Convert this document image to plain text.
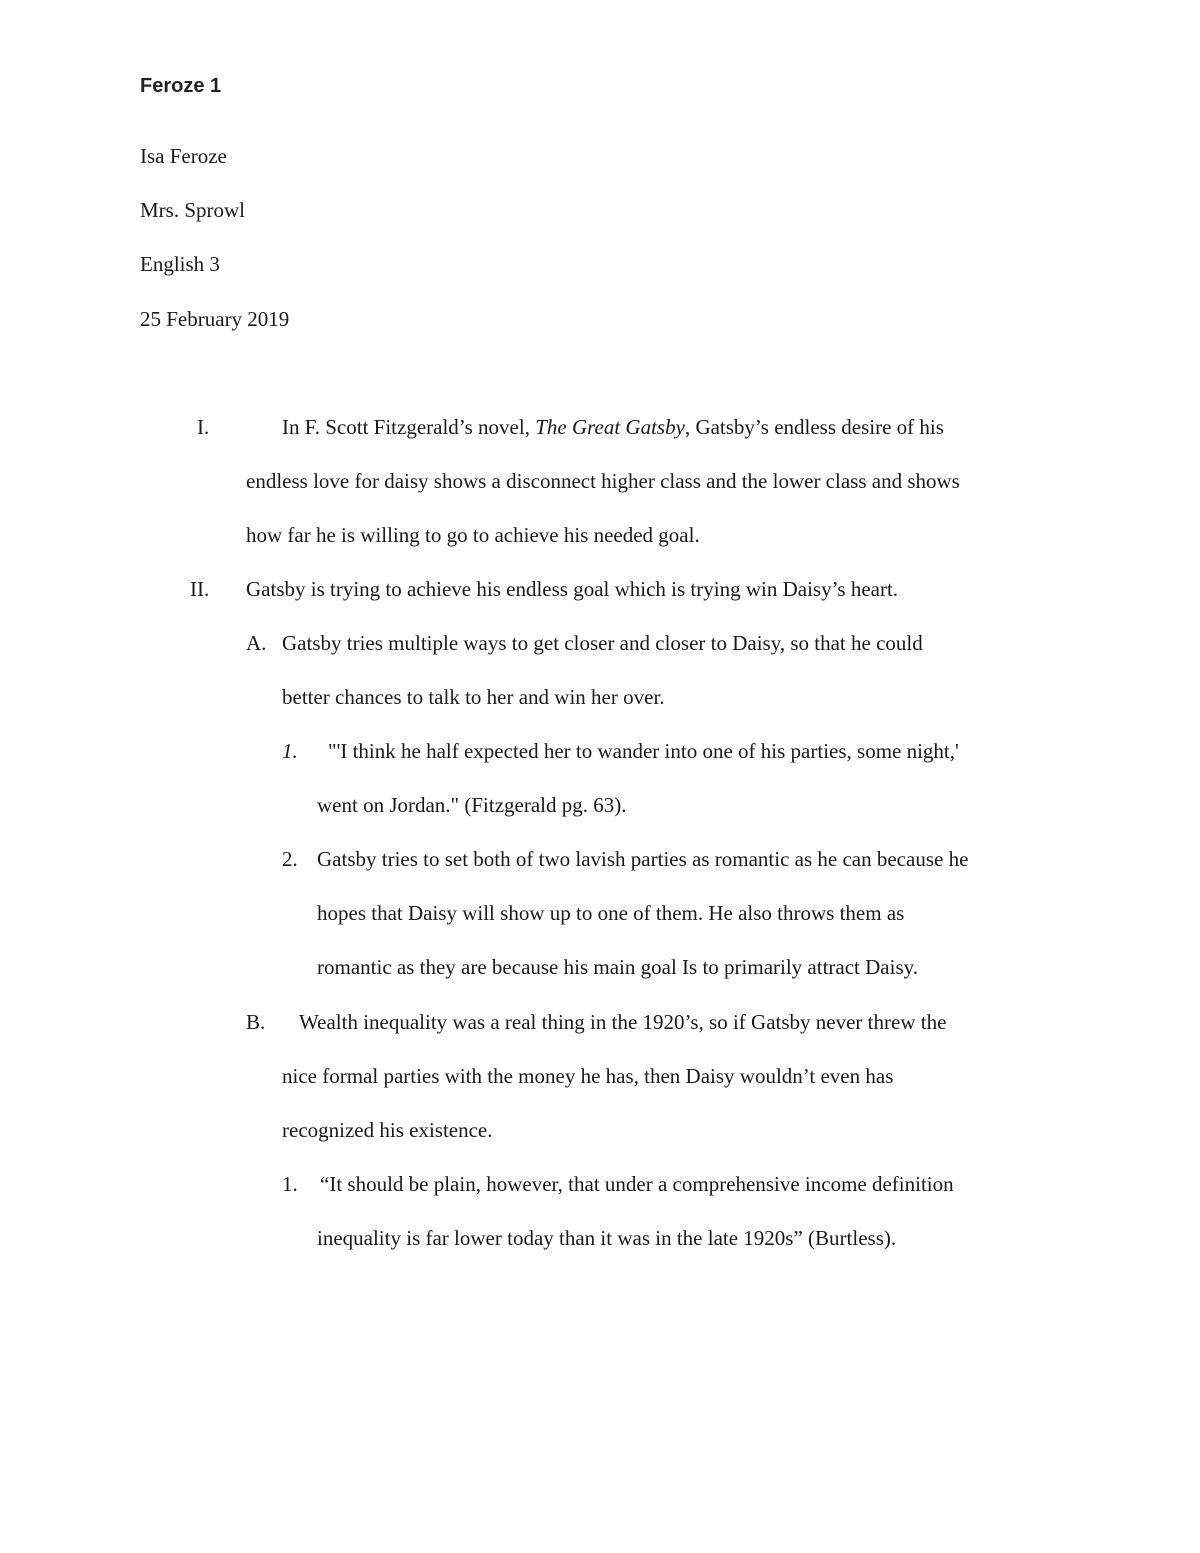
Feroze 1
Isa Feroze
Mrs. Sprowl
English 3
25 February 2019
I.	In F. Scott Fitzgerald’s novel, The Great Gatsby, Gatsby’s endless desire of his
endless love for daisy shows a disconnect higher class and the lower class and shows
how far he is willing to go to achieve his needed goal.
II. Gatsby is trying to achieve his endless goal which is trying win Daisy’s heart.
A. Gatsby tries multiple ways to get closer and closer to Daisy, so that he could
better chances to talk to her and win her over.
1. "'I think he half expected her to wander into one of his parties, some night,'
went on Jordan." (Fitzgerald pg. 63).
2. Gatsby tries to set both of two lavish parties as romantic as he can because he
hopes that Daisy will show up to one of them. He also throws them as
romantic as they are because his main goal Is to primarily attract Daisy.
B. Wealth inequality was a real thing in the 1920’s, so if Gatsby never threw the
nice formal parties with the money he has, then Daisy wouldn’t even has
recognized his existence.
1. “It should be plain, however, that under a comprehensive income definition
inequality is far lower today than it was in the late 1920s” (Burtless).
